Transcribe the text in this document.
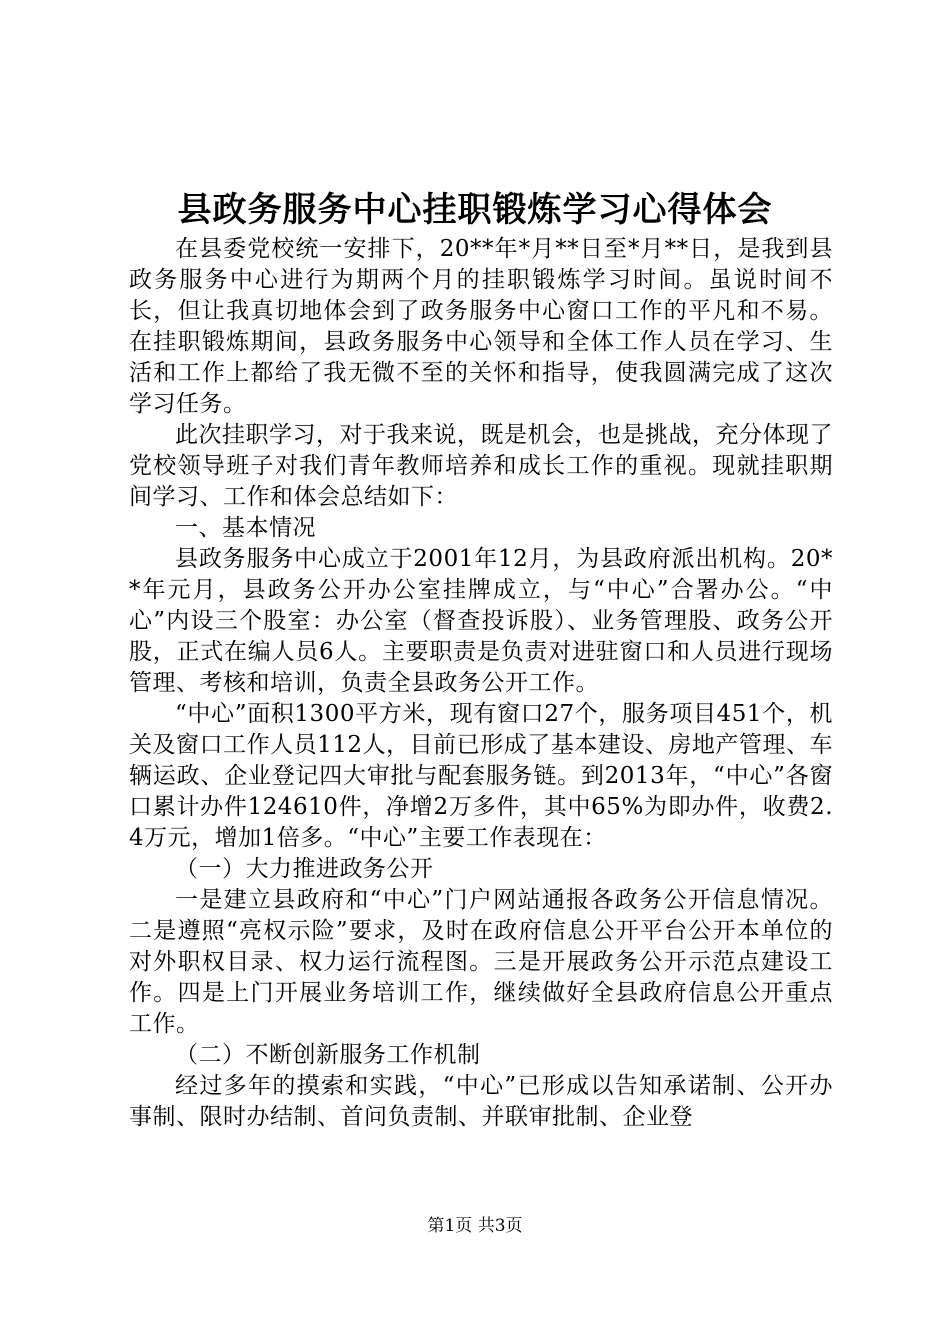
县政务服务中心挂职锻炼学习心得体会

在县委党校统一安排下，20**年*月**日至*月**日，是我到县政务服务中心进行为期两个月的挂职锻炼学习时间。虽说时间不长，但让我真切地体会到了政务服务中心窗口工作的平凡和不易。在挂职锻炼期间，县政务服务中心领导和全体工作人员在学习、生活和工作上都给了我无微不至的关怀和指导，使我圆满完成了这次学习任务。

此次挂职学习，对于我来说，既是机会，也是挑战，充分体现了党校领导班子对我们青年教师培养和成长工作的重视。现就挂职期间学习、工作和体会总结如下：

一、基本情况

县政务服务中心成立于2001年12月，为县政府派出机构。20**年元月，县政务公开办公室挂牌成立，与“中心”合署办公。“中心”内设三个股室：办公室（督查投诉股）、业务管理股、政务公开股，正式在编人员6人。主要职责是负责对进驻窗口和人员进行现场管理、考核和培训，负责全县政务公开工作。

“中心”面积1300平方米，现有窗口27个，服务项目451个，机关及窗口工作人员112人，目前已形成了基本建设、房地产管理、车辆运政、企业登记四大审批与配套服务链。到2013年，“中心”各窗口累计办件124610件，净增2万多件，其中65%为即办件，收费2.4万元，增加1倍多。“中心”主要工作表现在：

（一）大力推进政务公开

一是建立县政府和“中心”门户网站通报各政务公开信息情况。二是遵照“亮权示险”要求，及时在政府信息公开平台公开本单位的对外职权目录、权力运行流程图。三是开展政务公开示范点建设工作。四是上门开展业务培训工作，继续做好全县政府信息公开重点工作。

（二）不断创新服务工作机制

经过多年的摸索和实践，“中心”已形成以告知承诺制、公开办事制、限时办结制、首问负责制、并联审批制、企业登

第1页 共3页
